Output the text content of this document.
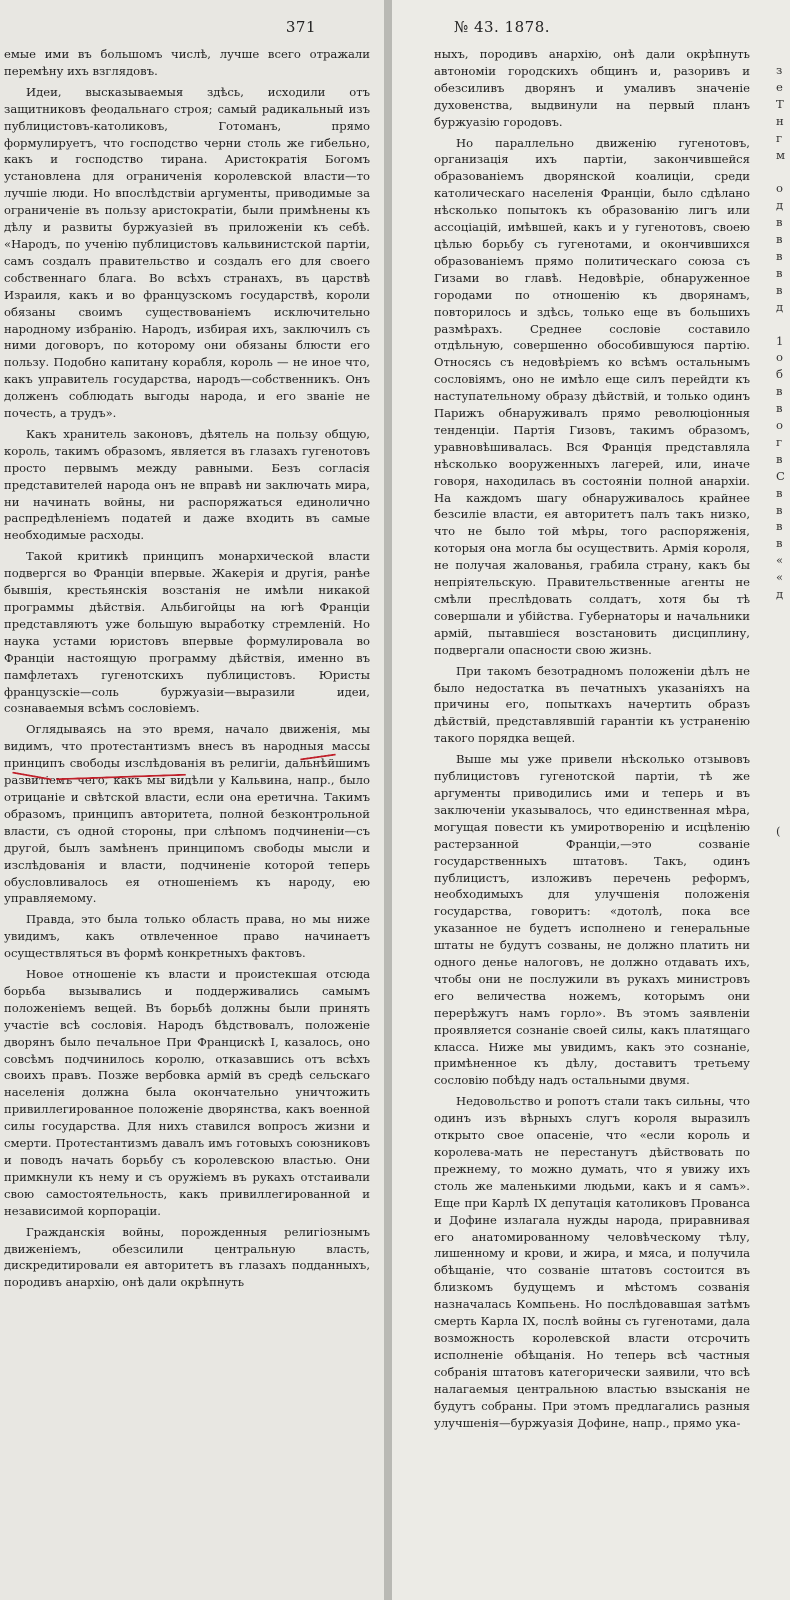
371

емые ими въ большомъ числѣ, лучше всего отражали перемѣну ихъ взглядовъ.

Идеи, высказываемыя здѣсь, исходили отъ защитниковъ феодальнаго строя; самый радикальный изъ публицистовъ-католиковъ, Готоманъ, прямо формулируетъ, что господство черни столь же гибельно, какъ и господство тирана. Аристократія Богомъ установлена для ограниченія королевской власти—то лучшіе люди. Но впослѣдствіи аргументы, приводимые за ограниченіе въ пользу аристократіи, были примѣнены къ дѣлу и развиты буржуазіей въ приложеніи къ себѣ. «Народъ, по ученію публицистовъ кальвинистской партіи, самъ создалъ правительство и создалъ его для своего собственнаго блага. Во всѣхъ странахъ, въ царствѣ Израиля, какъ и во французскомъ государствѣ, короли обязаны своимъ существованіемъ исключительно народному избранію. Народъ, избирая ихъ, заключилъ съ ними договоръ, по которому они обязаны блюсти его пользу. Подобно капитану корабля, король — не иное что, какъ управитель государства, народъ—собственникъ. Онъ долженъ соблюдать выгоды народа, и его званіе не почесть, а трудъ».

Какъ хранитель законовъ, дѣятель на пользу общую, король, такимъ образомъ, является въ глазахъ гугенотовъ просто первымъ между равными. Безъ согласія представителей народа онъ не вправѣ ни заключать мира, ни начинать войны, ни распоряжаться единолично распредѣленіемъ податей и даже входить въ самые необходимые расходы.

Такой критикѣ принципъ монархической власти подвергся во Франціи впервые. Жакерія и другія, ранѣе бывшія, крестьянскія возстанія не имѣли никакой программы дѣйствія. Альбигойцы на югѣ Франціи представляютъ уже большую выработку стремленій. Но наука устами юристовъ впервые формулировала во Франціи настоящую программу дѣйствія, именно въ памфлетахъ гугенотскихъ публицистовъ. Юристы французскіе—соль буржуазіи—выразили идеи, сознаваемыя всѣмъ сословіемъ.

Оглядываясь на это время, начало движенія, мы видимъ, что протестантизмъ внесъ въ народныя массы принципъ свободы изслѣдованія въ религіи, дальнѣйшимъ развитіемъ чего, какъ мы видѣли у Кальвина, напр., было отрицаніе и свѣтской власти, если она еретична. Такимъ образомъ, принципъ авторитета, полной безконтрольной власти, съ одной стороны, при слѣпомъ подчиненіи—съ другой, былъ замѣненъ принципомъ свободы мысли и изслѣдованія и власти, подчиненіе которой теперь обусловливалось ея отношеніемъ къ народу, ею управляемому.

Правда, это была только область права, но мы ниже увидимъ, какъ отвлеченное право начинаетъ осуществляться въ формѣ конкретныхъ фактовъ.

Новое отношеніе къ власти и проистекшая отсюда борьба вызывались и поддерживались самымъ положеніемъ вещей. Въ борьбѣ должны были принять участіе всѣ сословія. Народъ бѣдствовалъ, положеніе дворянъ было печальное При Францискѣ I, казалось, оно совсѣмъ подчинилось королю, отказавшись отъ всѣхъ своихъ правъ. Позже вербовка армій въ средѣ сельскаго населенія должна была окончательно уничтожить привиллегированное положеніе дворянства, какъ военной силы государства. Для нихъ ставился вопросъ жизни и смерти. Протестантизмъ давалъ имъ готовыхъ союзниковъ и поводъ начать борьбу съ королевскою властью. Они примкнули къ нему и съ оружіемъ въ рукахъ отстаивали свою самостоятельность, какъ привиллегированной и независимой корпораціи.

Гражданскія войны, порожденныя религіознымъ движеніемъ, обезсилили центральную власть, дискредитировали ея авторитетъ въ глазахъ подданныхъ, породивъ анархію, онѣ дали окрѣпнуть

№ 43. 1878.

ныхъ, породивъ анархію, онѣ дали окрѣпнуть автономіи городскихъ общинъ и, разоривъ и обезсиливъ дворянъ и умаливъ значеніе духовенства, выдвинули на первый планъ буржуазію городовъ.

Но параллельно движенію гугенотовъ, организація ихъ партіи, закончившейся образованіемъ дворянской коалиціи, среди католическаго населенія Франціи, было сдѣлано нѣсколько попытокъ къ образованію лигъ или ассоціацій, имѣвшей, какъ и у гугенотовъ, своею цѣлью борьбу съ гугенотами, и окончившихся образованіемъ прямо политическаго союза съ Гизами во главѣ. Недовѣріе, обнаруженное городами по отношенію къ дворянамъ, повторилось и здѣсь, только еще въ большихъ размѣрахъ. Среднее сословіе составило отдѣльную, совершенно обособившуюся партію. Относясь съ недовѣріемъ ко всѣмъ остальнымъ сословіямъ, оно не имѣло еще силъ перейдти къ наступательному образу дѣйствій, и только одинъ Парижъ обнаруживалъ прямо революціонныя тенденціи. Партія Гизовъ, такимъ образомъ, уравновѣшивалась. Вся Франція представляла нѣсколько вооруженныхъ лагерей, или, иначе говоря, находилась въ состояніи полной анархіи. На каждомъ шагу обнаруживалось крайнее безсиліе власти, ея авторитетъ палъ такъ низко, что не было той мѣры, того распоряженія, которыя она могла бы осуществить. Армія короля, не получая жалованья, грабила страну, какъ бы непріятельскую. Правительственные агенты не смѣли преслѣдовать солдатъ, хотя бы тѣ совершали и убійства. Губернаторы и начальники армій, пытавшіеся возстановить дисциплину, подвергали опасности свою жизнь.

При такомъ безотрадномъ положеніи дѣлъ не было недостатка въ печатныхъ указаніяхъ на причины его, попыткахъ начертить образъ дѣйствій, представлявшій гарантіи къ устраненію такого порядка вещей.

Выше мы уже привели нѣсколько отзывовъ публицистовъ гугенотской партіи, тѣ же аргументы приводились ими и теперь и въ заключеніи указывалось, что единственная мѣра, могущая повести къ умиротворенію и исцѣленію растерзанной Франціи,—это созваніе государственныхъ штатовъ. Такъ, одинъ публицистъ, изложивъ перечень реформъ, необходимыхъ для улучшенія положенія государства, говоритъ: «дотолѣ, пока все указанное не будетъ исполнено и генеральные штаты не будутъ созваны, не должно платить ни одного денье налоговъ, не должно отдавать ихъ, чтобы они не послужили въ рукахъ министровъ его величества ножемъ, которымъ они перерѣжутъ намъ горло». Въ этомъ заявленіи проявляется сознаніе своей силы, какъ платящаго класса. Ниже мы увидимъ, какъ это сознаніе, примѣненное къ дѣлу, доставитъ третьему сословію побѣду надъ остальными двумя.

Недовольство и ропотъ стали такъ сильны, что одинъ изъ вѣрныхъ слугъ короля выразилъ открыто свое опасеніе, что «если король и королева-мать не перестанутъ дѣйствовать по прежнему, то можно думать, что я увижу ихъ столь же маленькими людьми, какъ и я самъ». Еще при Карлѣ IX депутація католиковъ Прованса и Дофине излагала нужды народа, приравнивая его анатомированному человѣческому тѣлу, лишенному и крови, и жира, и мяса, и получила обѣщаніе, что созваніе штатовъ состоится въ близкомъ будущемъ и мѣстомъ созванія назначалась Компьень. Но послѣдовавшая затѣмъ смерть Карла IX, послѣ войны съ гугенотами, дала возможность королевской власти отсрочить исполненіе обѣщанія. Но теперь всѣ частныя собранія штатовъ категорически заявили, что всѣ налагаемыя центральною властью взысканія не будутъ собраны. При этомъ предлагались разныя улучшенія—буржуазія Дофине, напр., прямо ука-

з
е
Т
н
г
м

о
д
в
в
в
в
в
д

1
о
б
в
в
о
г
в
С
в
в
в
в
«
«
д

(
